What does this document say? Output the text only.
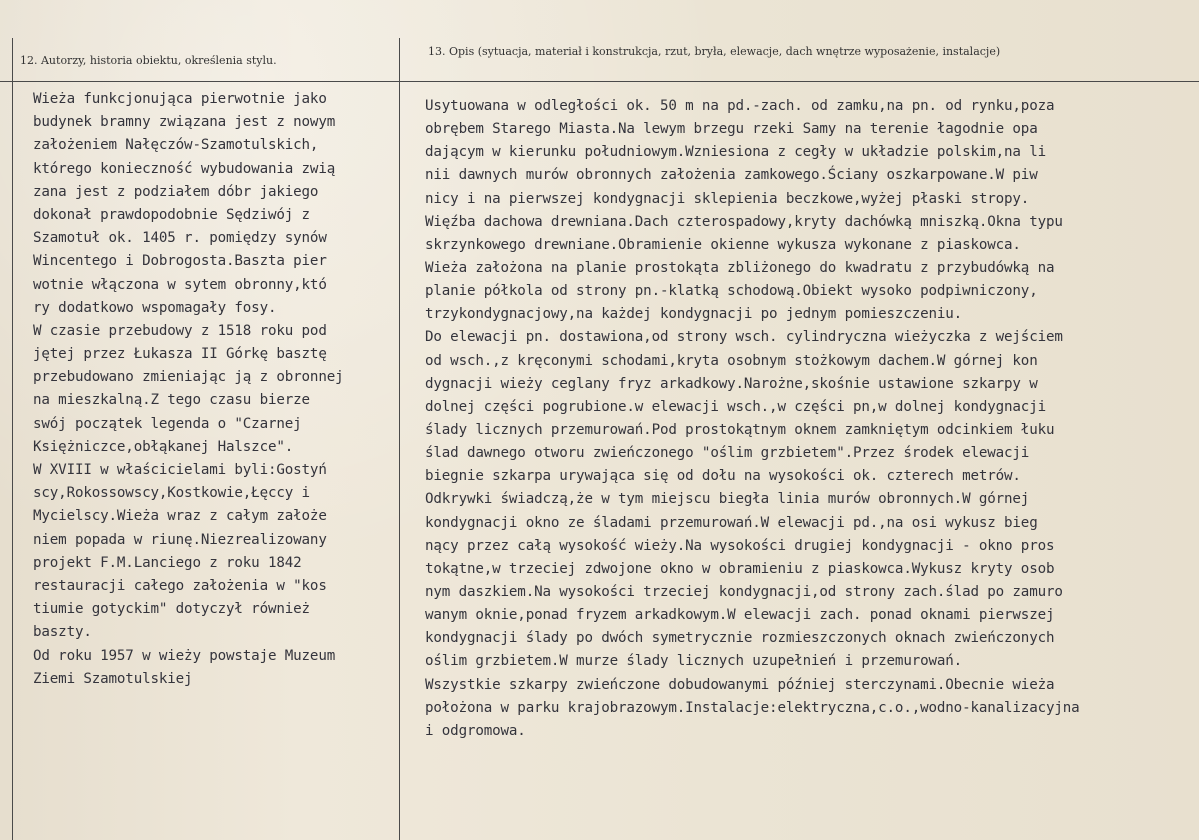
12. Autorzy, historia obiektu, określenia stylu.
13. Opis (sytuacja, materiał i konstrukcja, rzut, bryła, elewacje, dach wnętrze wyposażenie, instalacje)
Wieża funkcjonująca pierwotnie jako
budynek bramny związana jest z nowym
założeniem Nałęczów-Szamotulskich,
którego konieczność wybudowania zwią
zana jest z podziałem dóbr jakiego
dokonał prawdopodobnie Sędziwój z
Szamotuł ok. 1405 r. pomiędzy synów
Wincentego i Dobrogosta.Baszta pier
wotnie włączona w sytem obronny,któ
ry dodatkowo wspomagały fosy.
W czasie przebudowy z 1518 roku pod
jętej przez Łukasza II Górkę basztę
przebudowano zmieniając ją z obronnej
na mieszkalną.Z tego czasu bierze
swój początek legenda o "Czarnej
Księżniczce,obłąkanej Halszce".
W XVIII w właścicielami byli:Gostyń
scy,Rokossowscy,Kostkowie,Łęccy i
Mycielscy.Wieża wraz z całym założe
niem popada w riunę.Niezrealizowany
projekt F.M.Lanciego z roku 1842
restauracji całego założenia w "kos
tiumie gotyckim" dotyczył również
baszty.
Od roku 1957 w wieży powstaje Muzeum
Ziemi Szamotulskiej
Usytuowana w odległości ok. 50 m na pd.-zach. od zamku,na pn. od rynku,poza
obrębem Starego Miasta.Na lewym brzegu rzeki Samy na terenie łagodnie opa
dającym w kierunku południowym.Wzniesiona z cegły w układzie polskim,na li
nii dawnych murów obronnych założenia zamkowego.Ściany oszkarpowane.W piw
nicy i na pierwszej kondygnacji sklepienia beczkowe,wyżej płaski stropy.
Więźba dachowa drewniana.Dach czterospadowy,kryty dachówką mniszką.Okna typu
skrzynkowego drewniane.Obramienie okienne wykusza wykonane z piaskowca.
Wieża założona na planie prostokąta zbliżonego do kwadratu z przybudówką na
planie półkola od strony pn.-klatką schodową.Obiekt wysoko podpiwniczony,
trzykondygnacjowy,na każdej kondygnacji po jednym pomieszczeniu.
Do elewacji pn. dostawiona,od strony wsch. cylindryczna wieżyczka z wejściem
od wsch.,z kręconymi schodami,kryta osobnym stożkowym dachem.W górnej kon
dygnacji wieży ceglany fryz arkadkowy.Narożne,skośnie ustawione szkarpy w
dolnej części pogrubione.w elewacji wsch.,w części pn,w dolnej kondygnacji
ślady licznych przemurowań.Pod prostokątnym oknem zamkniętym odcinkiem łuku
ślad dawnego otworu zwieńczonego "oślim grzbietem".Przez środek elewacji
biegnie szkarpa urywająca się od dołu na wysokości ok. czterech metrów.
Odkrywki świadczą,że w tym miejscu biegła linia murów obronnych.W górnej
kondygnacji okno ze śladami przemurowań.W elewacji pd.,na osi wykusz bieg
nący przez całą wysokość wieży.Na wysokości drugiej kondygnacji - okno pros
tokątne,w trzeciej zdwojone okno w obramieniu z piaskowca.Wykusz kryty osob
nym daszkiem.Na wysokości trzeciej kondygnacji,od strony zach.ślad po zamuro
wanym oknie,ponad fryzem arkadkowym.W elewacji zach. ponad oknami pierwszej
kondygnacji ślady po dwóch symetrycznie rozmieszczonych oknach zwieńczonych
oślim grzbietem.W murze ślady licznych uzupełnień i przemurowań.
Wszystkie szkarpy zwieńczone dobudowanymi później sterczynami.Obecnie wieża
położona w parku krajobrazowym.Instalacje:elektryczna,c.o.,wodno-kanalizacyjna
i odgromowa.
